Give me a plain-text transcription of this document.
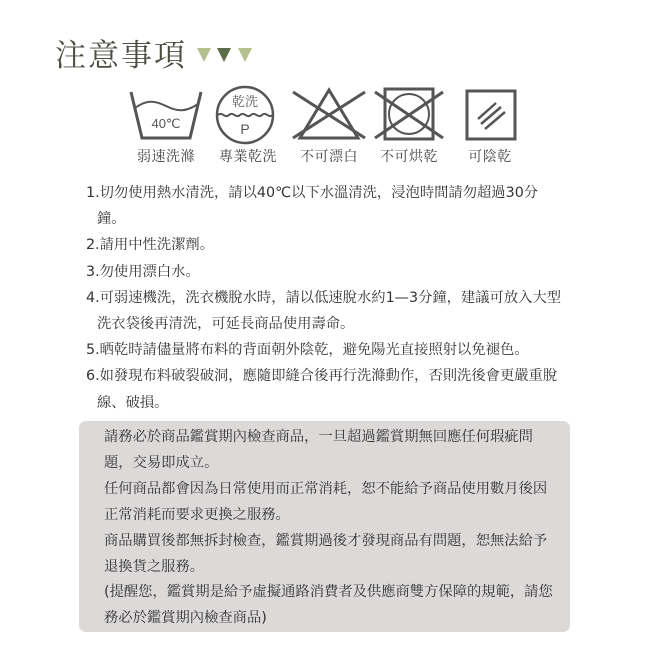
注意事項
40℃
乾洗
P
弱速洗滌 專業乾洗 不可漂白 不可烘乾 可陰乾

1.切勿使用熱水清洗，請以40℃以下水溫清洗，浸泡時間請勿超過30分鐘。

2.請用中性洗潔劑。

3.勿使用漂白水。

4.可弱速機洗，洗衣機脫水時，請以低速脫水約1—3分鐘，建議可放入大型洗衣袋後再清洗，可延長商品使用壽命。

5.晒乾時請儘量將布料的背面朝外陰乾，避免陽光直接照射以免褪色。

6.如發現布料破裂破洞，應隨即縫合後再行洗滌動作，否則洗後會更嚴重脫線、破損。

請務必於商品鑑賞期內檢查商品，一旦超過鑑賞期無回應任何瑕疵問題，交易即成立。

任何商品都會因為日常使用而正常消耗，恕不能給予商品使用數月後因正常消耗而要求更換之服務。

商品購買後都無拆封檢查，鑑賞期過後才發現商品有問題，恕無法給予退換貨之服務。

(提醒您，鑑賞期是給予虛擬通路消費者及供應商雙方保障的規範，請您務必於鑑賞期內檢查商品)
